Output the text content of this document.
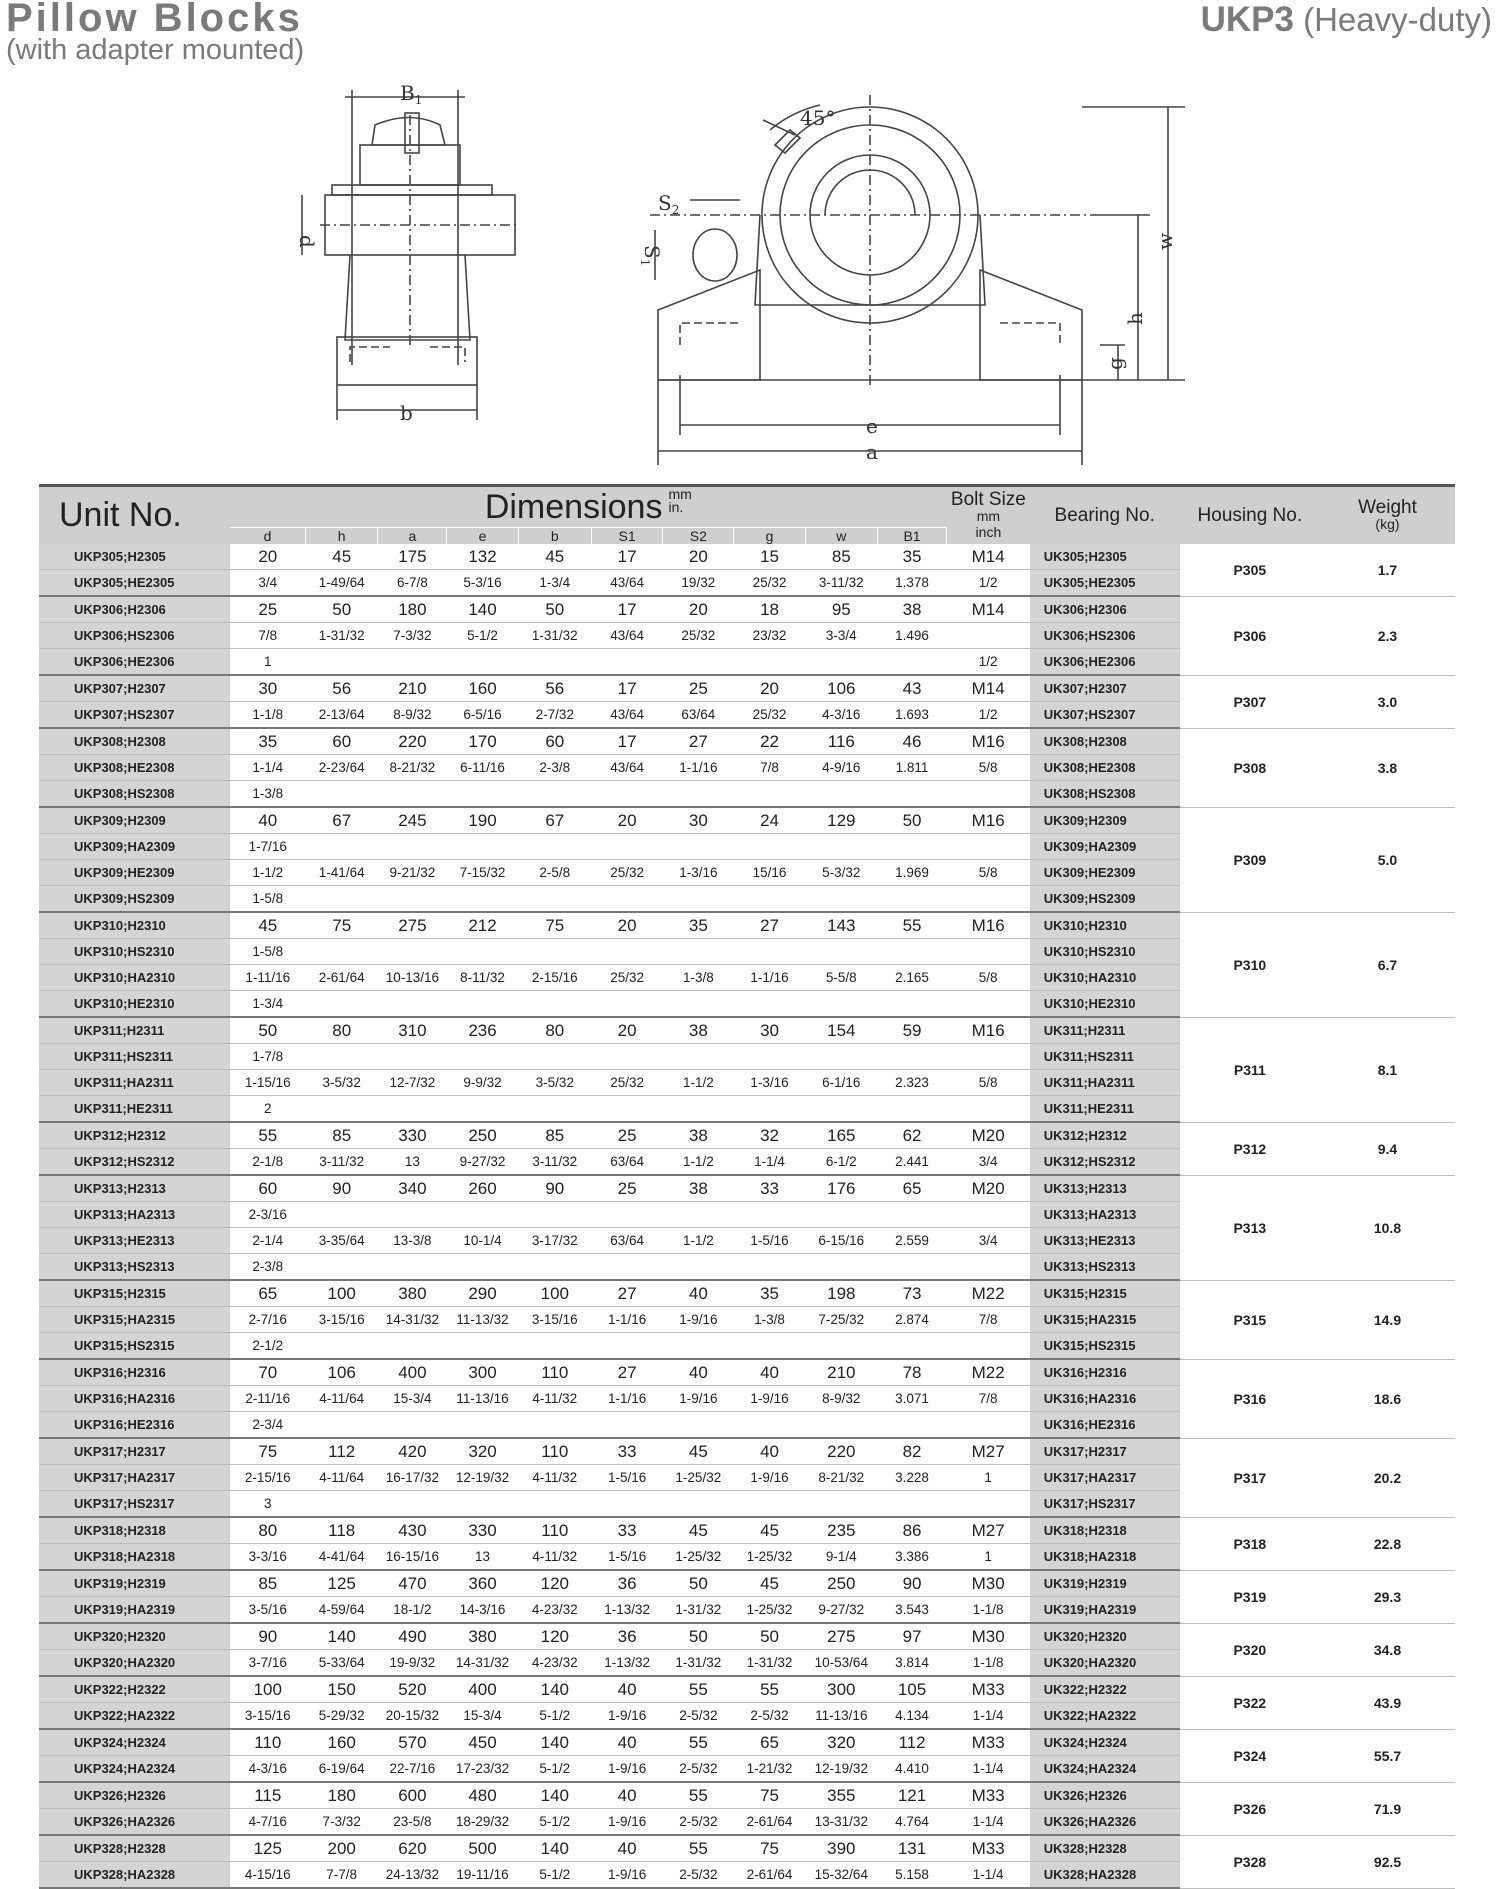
Pillow Blocks
(with adapter mounted)
UKP3 (Heavy-duty)
$B_1$
b
d
45°
$S_2$
$S_1$
w
h
g
e
a
Unit No.	Dimensions $^{mm in.}$										Bolt Size
mm
inch	Bearing No.	Housing No.	Weight
(kg)

	d	h	a	e	b	S1	S2	g	w	B1				
UKP305;H2305	20	45	175	132	45	17	20	15	85	35	M14	UK305;H2305	P305	1.7
UKP305;HE2305	3/4	1-49/64	6-7/8	5-3/16	1-3/4	43/64	19/32	25/32	3-11/32	1.378	1/2	UK305;HE2305		
UKP306;H2306	25	50	180	140	50	17	20	18	95	38	M14	UK306;H2306	P306	2.3
UKP306;HS2306	7/8	1-31/32	7-3/32	5-1/2	1-31/32	43/64	25/32	23/32	3-3/4	1.496		UK306;HS2306		
UKP306;HE2306	1										1/2	UK306;HE2306		
UKP307;H2307	30	56	210	160	56	17	25	20	106	43	M14	UK307;H2307	P307	3.0
UKP307;HS2307	1-1/8	2-13/64	8-9/32	6-5/16	2-7/32	43/64	63/64	25/32	4-3/16	1.693	1/2	UK307;HS2307		
UKP308;H2308	35	60	220	170	60	17	27	22	116	46	M16	UK308;H2308	P308	3.8
UKP308;HE2308	1-1/4	2-23/64	8-21/32	6-11/16	2-3/8	43/64	1-1/16	7/8	4-9/16	1.811	5/8	UK308;HE2308		
UKP308;HS2308	1-3/8											UK308;HS2308		
UKP309;H2309	40	67	245	190	67	20	30	24	129	50	M16	UK309;H2309	P309	5.0
UKP309;HA2309	1-7/16											UK309;HA2309		
UKP309;HE2309	1-1/2	1-41/64	9-21/32	7-15/32	2-5/8	25/32	1-3/16	15/16	5-3/32	1.969	5/8	UK309;HE2309		
UKP309;HS2309	1-5/8											UK309;HS2309		
UKP310;H2310	45	75	275	212	75	20	35	27	143	55	M16	UK310;H2310	P310	6.7
UKP310;HS2310	1-5/8											UK310;HS2310		
UKP310;HA2310	1-11/16	2-61/64	10-13/16	8-11/32	2-15/16	25/32	1-3/8	1-1/16	5-5/8	2.165	5/8	UK310;HA2310		
UKP310;HE2310	1-3/4											UK310;HE2310		
UKP311;H2311	50	80	310	236	80	20	38	30	154	59	M16	UK311;H2311	P311	8.1
UKP311;HS2311	1-7/8											UK311;HS2311		
UKP311;HA2311	1-15/16	3-5/32	12-7/32	9-9/32	3-5/32	25/32	1-1/2	1-3/16	6-1/16	2.323	5/8	UK311;HA2311		
UKP311;HE2311	2											UK311;HE2311		
UKP312;H2312	55	85	330	250	85	25	38	32	165	62	M20	UK312;H2312	P312	9.4
UKP312;HS2312	2-1/8	3-11/32	13	9-27/32	3-11/32	63/64	1-1/2	1-1/4	6-1/2	2.441	3/4	UK312;HS2312		
UKP313;H2313	60	90	340	260	90	25	38	33	176	65	M20	UK313;H2313	P313	10.8
UKP313;HA2313	2-3/16											UK313;HA2313		
UKP313;HE2313	2-1/4	3-35/64	13-3/8	10-1/4	3-17/32	63/64	1-1/2	1-5/16	6-15/16	2.559	3/4	UK313;HE2313		
UKP313;HS2313	2-3/8											UK313;HS2313		
UKP315;H2315	65	100	380	290	100	27	40	35	198	73	M22	UK315;H2315	P315	14.9
UKP315;HA2315	2-7/16	3-15/16	14-31/32	11-13/32	3-15/16	1-1/16	1-9/16	1-3/8	7-25/32	2.874	7/8	UK315;HA2315		
UKP315;HS2315	2-1/2											UK315;HS2315		
UKP316;H2316	70	106	400	300	110	27	40	40	210	78	M22	UK316;H2316	P316	18.6
UKP316;HA2316	2-11/16	4-11/64	15-3/4	11-13/16	4-11/32	1-1/16	1-9/16	1-9/16	8-9/32	3.071	7/8	UK316;HA2316		
UKP316;HE2316	2-3/4											UK316;HE2316		
UKP317;H2317	75	112	420	320	110	33	45	40	220	82	M27	UK317;H2317	P317	20.2
UKP317;HA2317	2-15/16	4-11/64	16-17/32	12-19/32	4-11/32	1-5/16	1-25/32	1-9/16	8-21/32	3.228	1	UK317;HA2317		
UKP317;HS2317	3											UK317;HS2317		
UKP318;H2318	80	118	430	330	110	33	45	45	235	86	M27	UK318;H2318	P318	22.8
UKP318;HA2318	3-3/16	4-41/64	16-15/16	13	4-11/32	1-5/16	1-25/32	1-25/32	9-1/4	3.386	1	UK318;HA2318		
UKP319;H2319	85	125	470	360	120	36	50	45	250	90	M30	UK319;H2319	P319	29.3
UKP319;HA2319	3-5/16	4-59/64	18-1/2	14-3/16	4-23/32	1-13/32	1-31/32	1-25/32	9-27/32	3.543	1-1/8	UK319;HA2319		
UKP320;H2320	90	140	490	380	120	36	50	50	275	97	M30	UK320;H2320	P320	34.8
UKP320;HA2320	3-7/16	5-33/64	19-9/32	14-31/32	4-23/32	1-13/32	1-31/32	1-31/32	10-53/64	3.814	1-1/8	UK320;HA2320		
UKP322;H2322	100	150	520	400	140	40	55	55	300	105	M33	UK322;H2322	P322	43.9
UKP322;HA2322	3-15/16	5-29/32	20-15/32	15-3/4	5-1/2	1-9/16	2-5/32	2-5/32	11-13/16	4.134	1-1/4	UK322;HA2322		
UKP324;H2324	110	160	570	450	140	40	55	65	320	112	M33	UK324;H2324	P324	55.7
UKP324;HA2324	4-3/16	6-19/64	22-7/16	17-23/32	5-1/2	1-9/16	2-5/32	1-21/32	12-19/32	4.410	1-1/4	UK324;HA2324		
UKP326;H2326	115	180	600	480	140	40	55	75	355	121	M33	UK326;H2326	P326	71.9
UKP326;HA2326	4-7/16	7-3/32	23-5/8	18-29/32	5-1/2	1-9/16	2-5/32	2-61/64	13-31/32	4.764	1-1/4	UK326;HA2326		
UKP328;H2328	125	200	620	500	140	40	55	75	390	131	M33	UK328;H2328	P328	92.5
UKP328;HA2328	4-15/16	7-7/8	24-13/32	19-11/16	5-1/2	1-9/16	2-5/32	2-61/64	15-32/64	5.158	1-1/4	UK328;HA2328		
